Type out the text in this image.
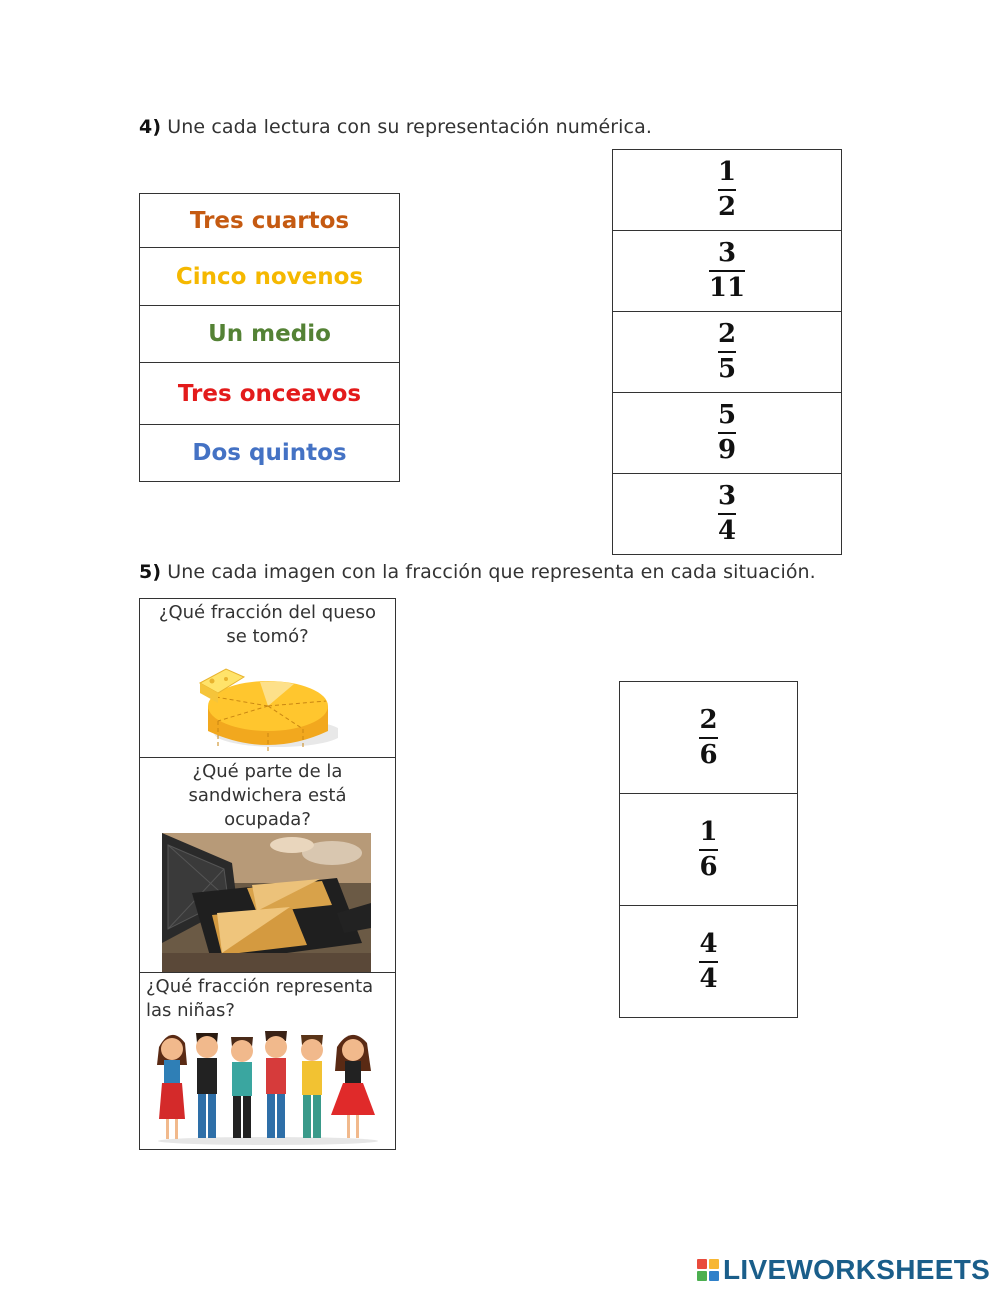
4) Une cada lectura con su representación numérica.
Tres cuartos
Cinco novenos
Un medio
Tres onceavos
Dos quintos
$\frac{1}{2}$

$\frac{3}{11}$

$\frac{2}{5}$

$\frac{5}{9}$

$\frac{3}{4}$
5) Une cada imagen con la fracción que representa en cada situación.
¿Qué fracción del queso se tomó?

¿Qué parte de la sandwichera está ocupada?

¿Qué fracción representa las niñas?
$\frac{2}{6}$

$\frac{1}{6}$

$\frac{4}{4}$
LIVEWORKSHEETS
